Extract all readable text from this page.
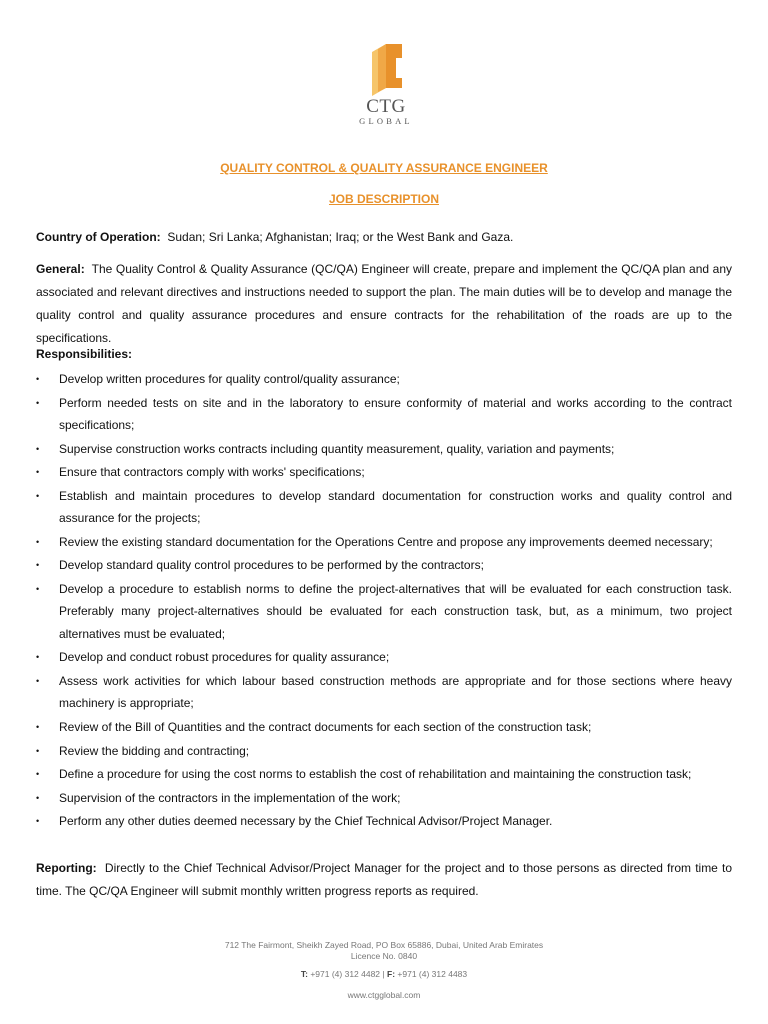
CTG
GLOBAL
QUALITY CONTROL & QUALITY ASSURANCE ENGINEER
JOB DESCRIPTION
Country of Operation: Sudan; Sri Lanka; Afghanistan; Iraq; or the West Bank and Gaza.
General: The Quality Control & Quality Assurance (QC/QA) Engineer will create, prepare and implement the QC/QA plan and any associated and relevant directives and instructions needed to support the plan. The main duties will be to develop and manage the quality control and quality assurance procedures and ensure contracts for the rehabilitation of the roads are up to the specifications.
Responsibilities:
• Develop written procedures for quality control/quality assurance;
• Perform needed tests on site and in the laboratory to ensure conformity of material and works according to the contract specifications;
• Supervise construction works contracts including quantity measurement, quality, variation and payments;
• Ensure that contractors comply with works' specifications;
• Establish and maintain procedures to develop standard documentation for construction works and quality control and assurance for the projects;
• Review the existing standard documentation for the Operations Centre and propose any improvements deemed necessary;
• Develop standard quality control procedures to be performed by the contractors;
• Develop a procedure to establish norms to define the project-alternatives that will be evaluated for each construction task. Preferably many project-alternatives should be evaluated for each construction task, but, as a minimum, two project alternatives must be evaluated;
• Develop and conduct robust procedures for quality assurance;
• Assess work activities for which labour based construction methods are appropriate and for those sections where heavy machinery is appropriate;
• Review of the Bill of Quantities and the contract documents for each section of the construction task;
• Review the bidding and contracting;
• Define a procedure for using the cost norms to establish the cost of rehabilitation and maintaining the construction task;
• Supervision of the contractors in the implementation of the work;
• Perform any other duties deemed necessary by the Chief Technical Advisor/Project Manager.
Reporting: Directly to the Chief Technical Advisor/Project Manager for the project and to those persons as directed from time to time. The QC/QA Engineer will submit monthly written progress reports as required.
712 The Fairmont, Sheikh Zayed Road, PO Box 65886, Dubai, United Arab Emirates
Licence No. 0840
T: +971 (4) 312 4482 | F: +971 (4) 312 4483
www.ctgglobal.com
